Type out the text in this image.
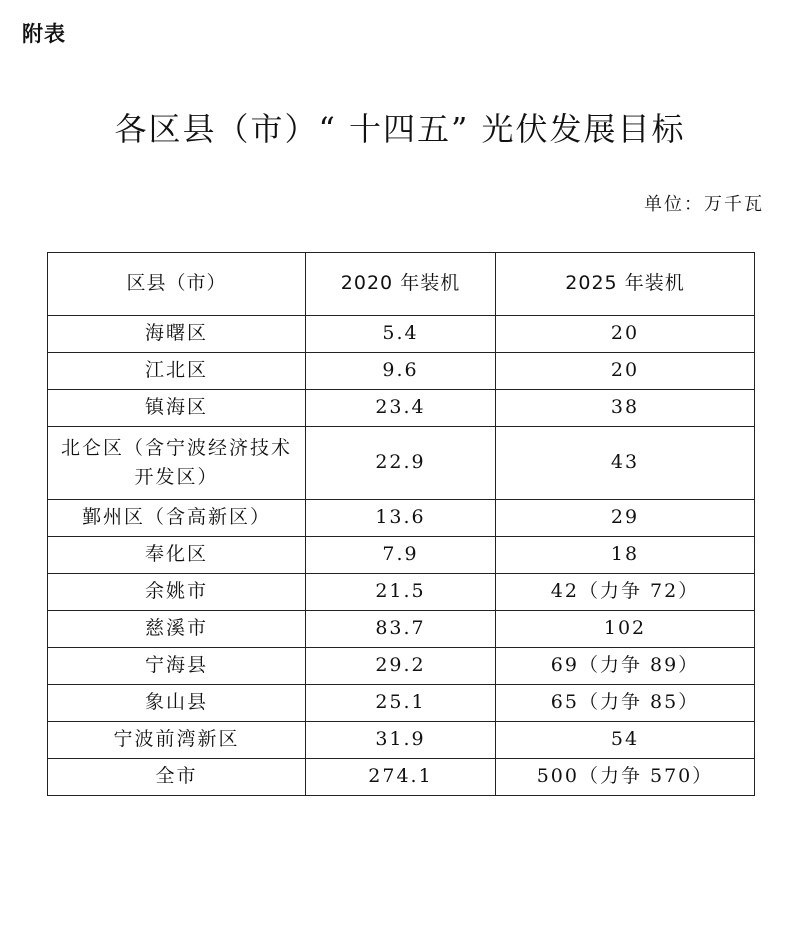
附表
各区县（市）“ 十四五” 光伏发展目标
单位：万千瓦
区县（市）	2020 年装机	2025 年装机
海曙区	5.4	20
江北区	9.6	20
镇海区	23.4	38
北仑区（含宁波经济技术开发区）	22.9	43
鄞州区（含高新区）	13.6	29
奉化区	7.9	18
余姚市	21.5	42（力争 72）
慈溪市	83.7	102
宁海县	29.2	69（力争 89）
象山县	25.1	65（力争 85）
宁波前湾新区	31.9	54
全市	274.1	500（力争 570）
